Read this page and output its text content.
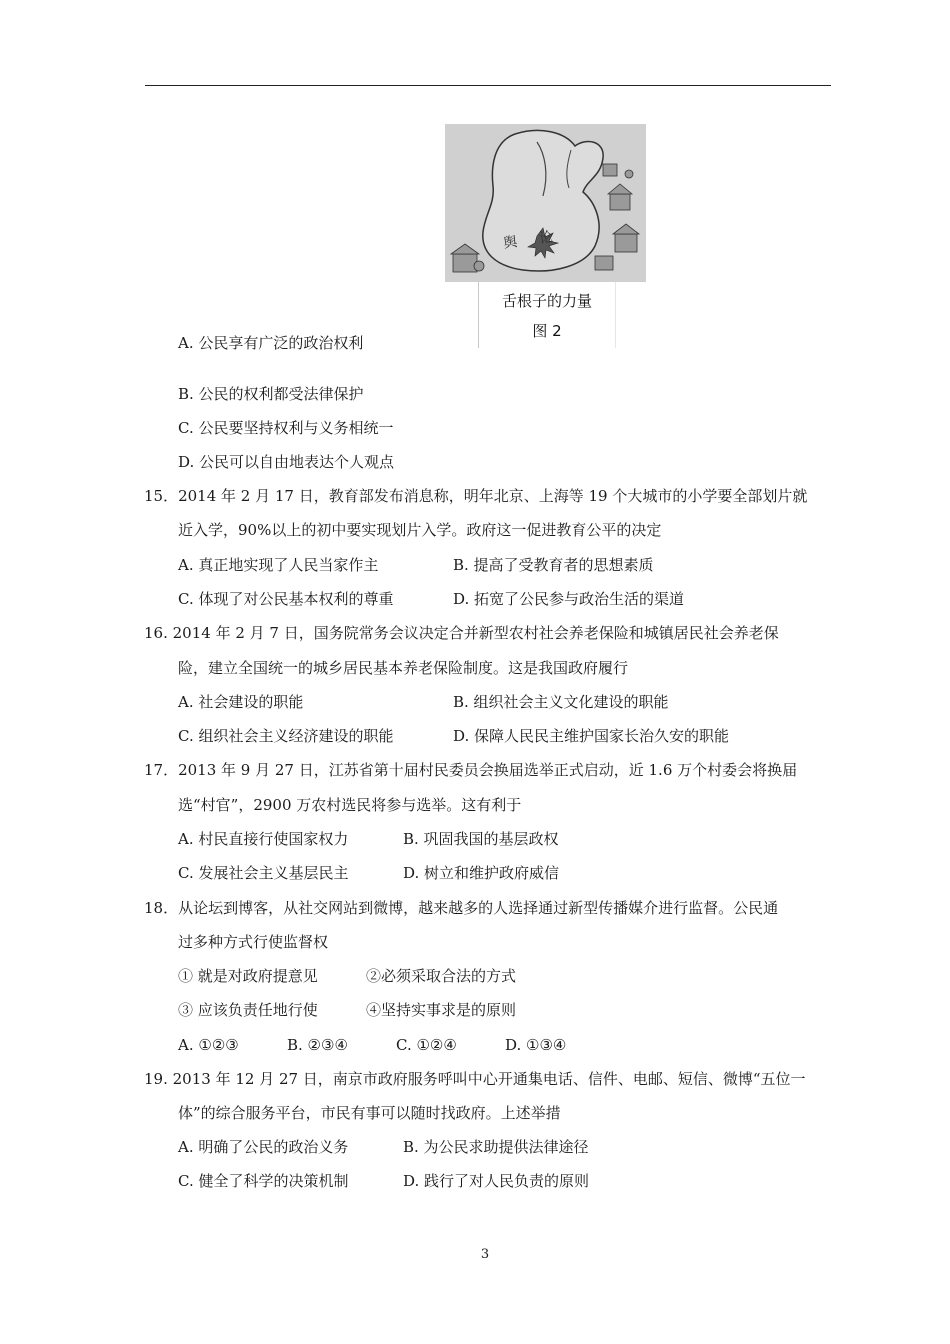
舆论
舌根子的力量
图 2
A. 公民享有广泛的政治权利
B. 公民的权利都受法律保护
C. 公民要坚持权利与义务相统一
D. 公民可以自由地表达个人观点
15．2014 年 2 月 17 日，教育部发布消息称，明年北京、上海等 19 个大城市的小学要全部划片就
近入学，90%以上的初中要实现划片入学。政府这一促进教育公平的决定
A. 真正地实现了人民当家作主	B. 提高了受教育者的思想素质
C. 体现了对公民基本权利的尊重	D. 拓宽了公民参与政治生活的渠道
16. 2014 年 2 月 7 日，国务院常务会议决定合并新型农村社会养老保险和城镇居民社会养老保
险，建立全国统一的城乡居民基本养老保险制度。这是我国政府履行
A. 社会建设的职能	B. 组织社会主义文化建设的职能
C. 组织社会主义经济建设的职能	D. 保障人民民主维护国家长治久安的职能
17．2013 年 9 月 27 日，江苏省第十届村民委员会换届选举正式启动，近 1.6 万个村委会将换届
选“村官”，2900 万农村选民将参与选举。这有利于
A. 村民直接行使国家权力	B. 巩固我国的基层政权
C. 发展社会主义基层民主	D. 树立和维护政府威信
18．从论坛到博客，从社交网站到微博，越来越多的人选择通过新型传播媒介进行监督。公民通
过多种方式行使监督权
① 就是对政府提意见	②必须采取合法的方式
③ 应该负责任地行使	④坚持实事求是的原则
A. ①②③	B. ②③④	C. ①②④	D. ①③④
19. 2013 年 12 月 27 日，南京市政府服务呼叫中心开通集电话、信件、电邮、短信、微博“五位一
体”的综合服务平台，市民有事可以随时找政府。上述举措
A. 明确了公民的政治义务	B. 为公民求助提供法律途径
C. 健全了科学的决策机制	D. 践行了对人民负责的原则
3
